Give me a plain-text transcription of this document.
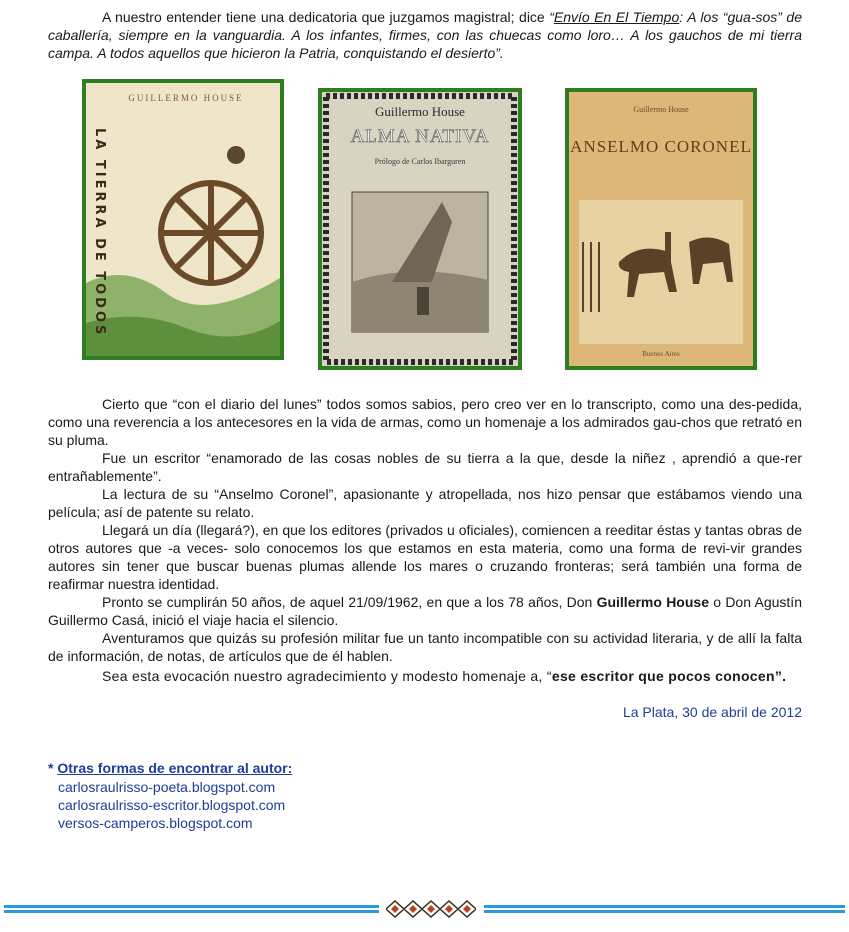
A nuestro entender tiene una dedicatoria que juzgamos magistral; dice “Envío En El Tiempo: A los “gua-sos” de caballería, siempre en la vanguardia. A los infantes, firmes, con las chuecas como loro… A los gauchos de mi tierra campa. A todos aquellos que hicieron la Patria, conquistando el desierto”.

GUILLERMO HOUSE
LA TIERRA DE TODOS
Guillermo House
ALMA NATIVA
Prólogo de Carlos Ibarguren
Guillermo House
ANSELMO CORONEL
Buenos Aires

Cierto que “con el diario del lunes” todos somos sabios, pero creo ver en lo transcripto, como una des-pedida, como una reverencia a los antecesores en la vida de armas, como un homenaje a los admirados gau-chos que retrató en su pluma.

Fue un escritor “enamorado de las cosas nobles de su tierra a la que, desde la niñez , aprendió a que-rer entrañablemente”.

La lectura de su “Anselmo Coronel”, apasionante y atropellada, nos hizo pensar que estábamos viendo una película; así de patente su relato.

Llegará un día (llegará?), en que los editores (privados u oficiales), comiencen a reeditar éstas y tantas obras de otros autores que -a veces- solo conocemos los que estamos en esta materia, como una forma de revi-vir grandes autores sin tener que buscar buenas plumas allende los mares o cruzando fronteras; será también una forma de reafirmar nuestra identidad.

Pronto se cumplirán 50 años, de aquel 21/09/1962, en que a los 78 años, Don Guillermo House o Don Agustín Guillermo Casá, inició el viaje hacia el silencio.

Aventuramos que quizás su profesión militar fue un tanto incompatible con su actividad literaria, y de allí la falta de información, de notas, de artículos que de él hablen.

Sea esta evocación nuestro agradecimiento y modesto homenaje a, “ese escritor que pocos conocen”.

La Plata, 30 de abril de 2012
* Otras formas de encontrar al autor:
carlosraulrisso-poeta.blogspot.com
carlosraulrisso-escritor.blogspot.com
versos-camperos.blogspot.com
